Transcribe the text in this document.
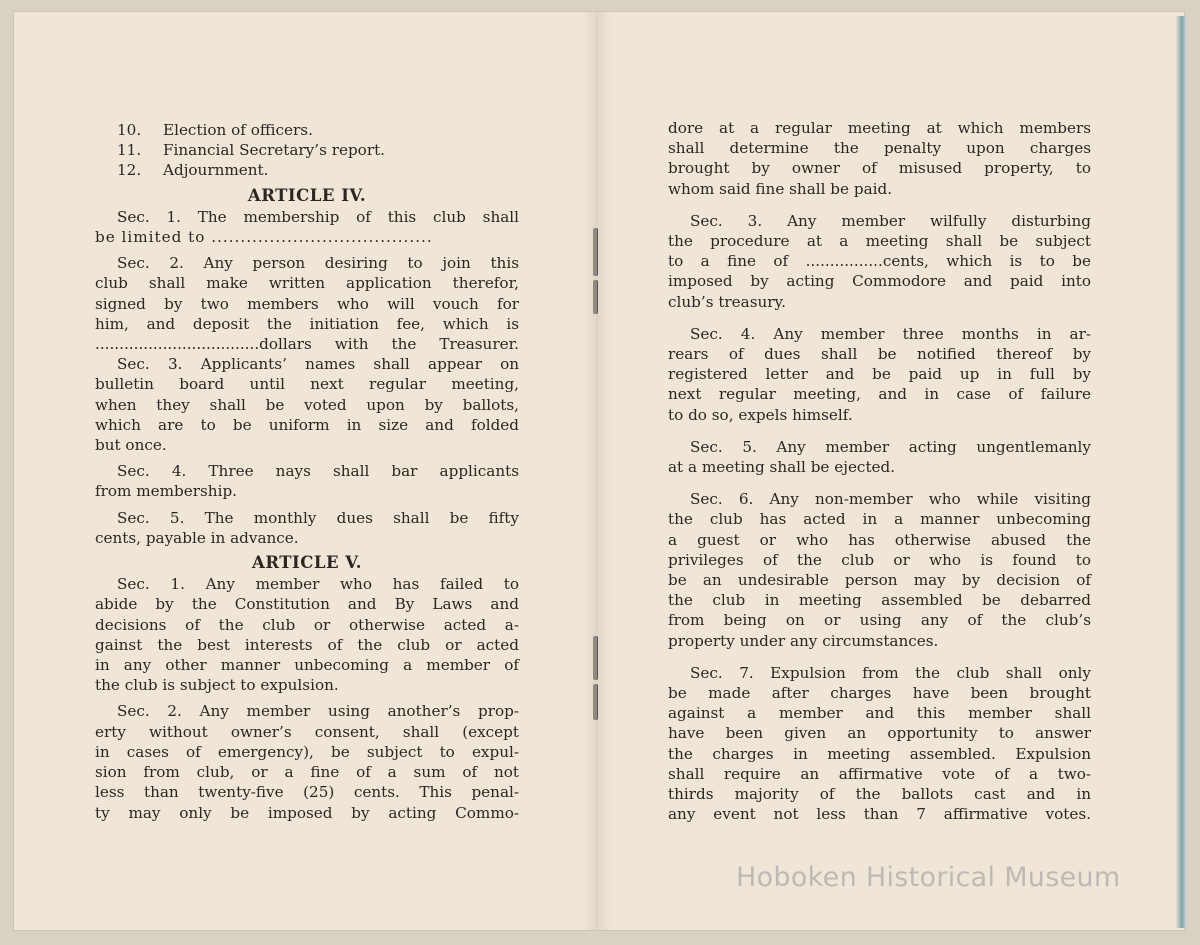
10. Election of officers.
11. Financial Secretary’s report.
12. Adjournment.
ARTICLE IV.
Sec. 1. The membership of this club shall
be limited to ......................................
Sec. 2. Any person desiring to join this
club shall make written application therefor,
signed by two members who will vouch for
him, and deposit the initiation fee, which is
..................................dollars with the Treasurer.
Sec. 3. Applicants’ names shall appear on
bulletin board until next regular meeting,
when they shall be voted upon by ballots,
which are to be uniform in size and folded
but once.
Sec. 4. Three nays shall bar applicants
from membership.
Sec. 5. The monthly dues shall be fifty
cents, payable in advance.
ARTICLE V.
Sec. 1. Any member who has failed to
abide by the Constitution and By Laws and
decisions of the club or otherwise acted a-
gainst the best interests of the club or acted
in any other manner unbecoming a member of
the club is subject to expulsion.
Sec. 2. Any member using another’s prop-
erty without owner’s consent, shall (except
in cases of emergency), be subject to expul-
sion from club, or a fine of a sum of not
less than twenty-five (25) cents. This penal-
ty may only be imposed by acting Commo-
dore at a regular meeting at which members
shall determine the penalty upon charges
brought by owner of misused property, to
whom said fine shall be paid.
Sec. 3. Any member wilfully disturbing
the procedure at a meeting shall be subject
to a fine of ................cents, which is to be
imposed by acting Commodore and paid into
club’s treasury.
Sec. 4. Any member three months in ar-
rears of dues shall be notified thereof by
registered letter and be paid up in full by
next regular meeting, and in case of failure
to do so, expels himself.
Sec. 5. Any member acting ungentlemanly
at a meeting shall be ejected.
Sec. 6. Any non-member who while visiting
the club has acted in a manner unbecoming
a guest or who has otherwise abused the
privileges of the club or who is found to
be an undesirable person may by decision of
the club in meeting assembled be debarred
from being on or using any of the club’s
property under any circumstances.
Sec. 7. Expulsion from the club shall only
be made after charges have been brought
against a member and this member shall
have been given an opportunity to answer
the charges in meeting assembled. Expulsion
shall require an affirmative vote of a two-
thirds majority of the ballots cast and in
any event not less than 7 affirmative votes.
Hoboken Historical Museum
